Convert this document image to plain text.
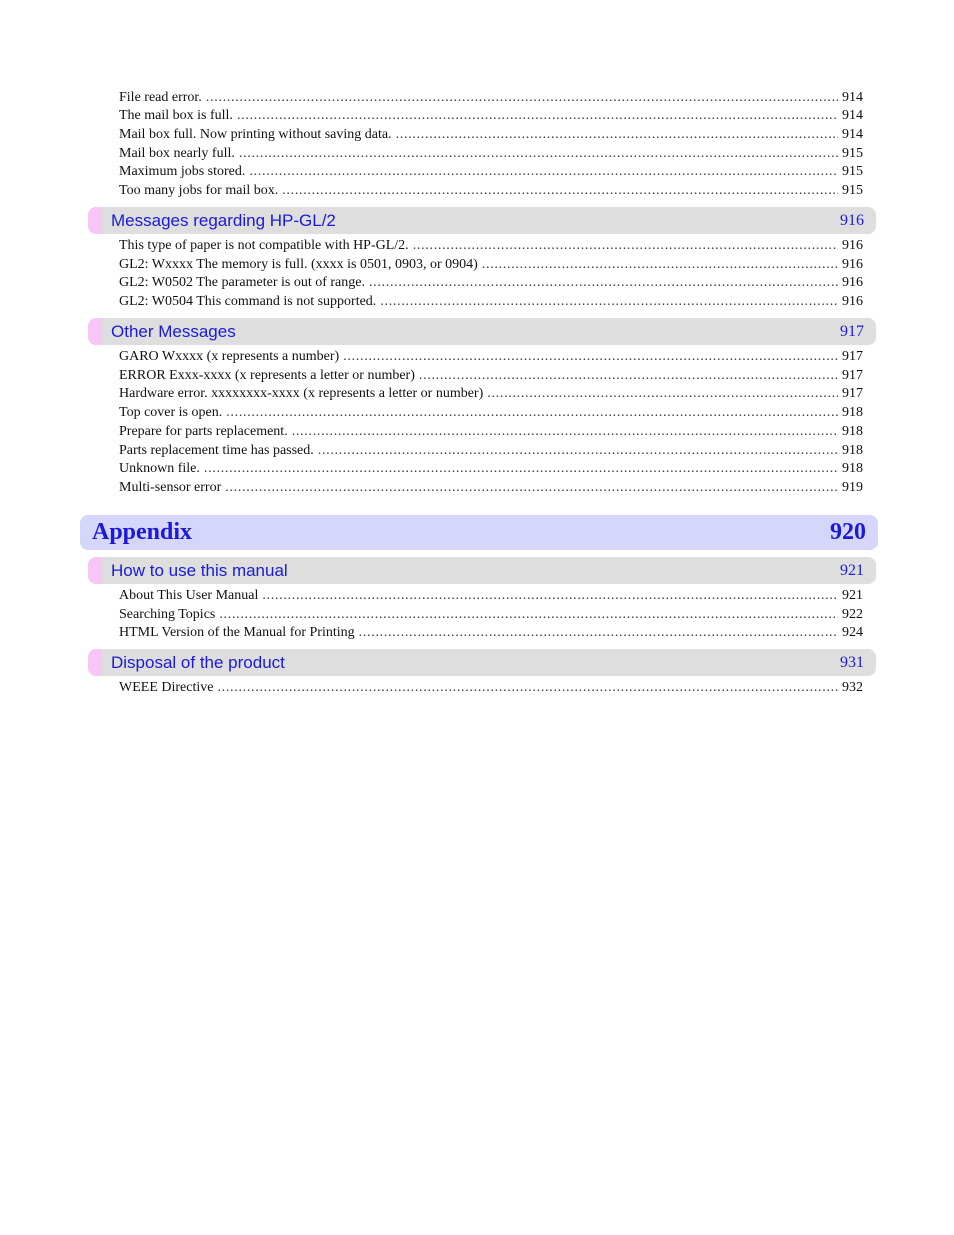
File read error. . . .	914
The mail box is full. . . .	914
Mail box full. Now printing without saving data. . . .	914
Mail box nearly full. . . .	915
Maximum jobs stored. . . .	915
Too many jobs for mail box. . . .	915
Messages regarding HP-GL/2	916
This type of paper is not compatible with HP-GL/2. . . .	916
GL2: Wxxxx The memory is full. (xxxx is 0501, 0903, or 0904) . . .	916
GL2: W0502 The parameter is out of range. . . .	916
GL2: W0504 This command is not supported. . . .	916
Other Messages	917
GARO Wxxxx (x represents a number) . . .	917
ERROR Exxx-xxxx (x represents a letter or number) . . .	917
Hardware error. xxxxxxxx-xxxx (x represents a letter or number) . . .	917
Top cover is open. . . .	918
Prepare for parts replacement. . . .	918
Parts replacement time has passed. . . .	918
Unknown file. . . .	918
Multi-sensor error . . .	919
Appendix	920
How to use this manual	921
About This User Manual . . .	921
Searching Topics . . .	922
HTML Version of the Manual for Printing . . .	924
Disposal of the product	931
WEEE Directive . . .	932
